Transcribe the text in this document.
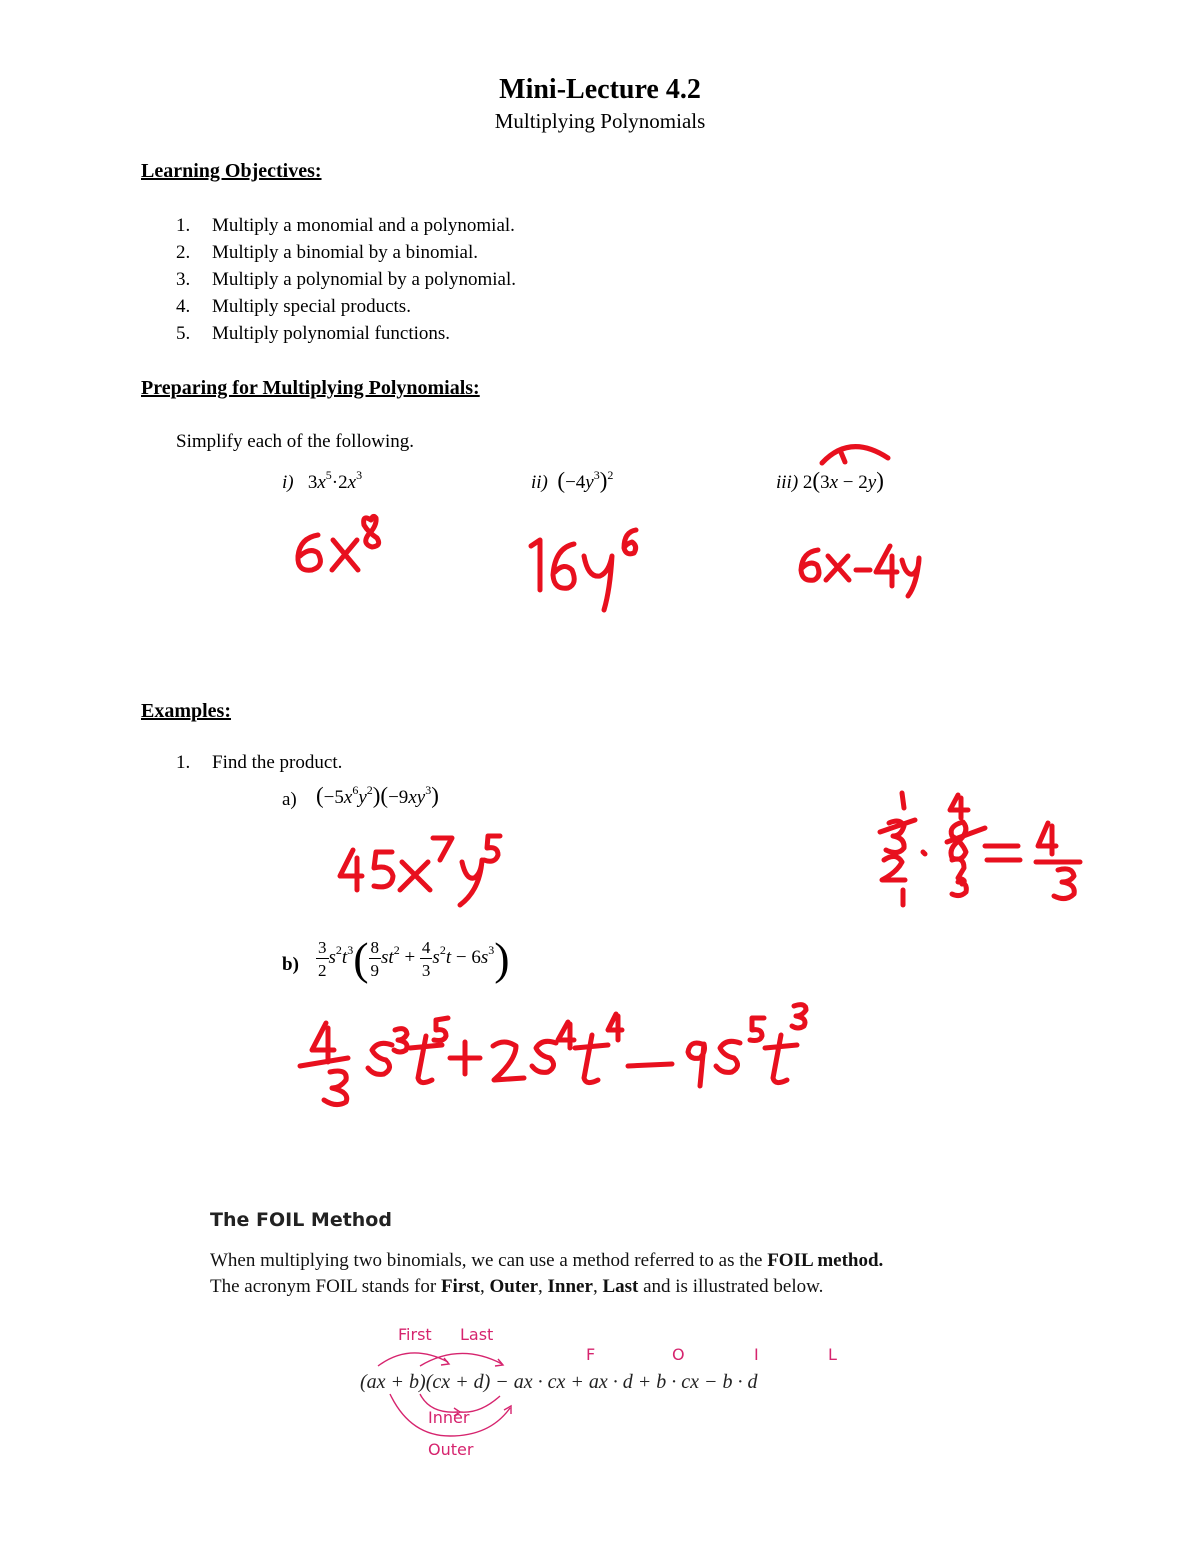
Mini-Lecture 4.2
Multiplying Polynomials
Learning Objectives:
1.	Multiply a monomial and a polynomial.
2.	Multiply a binomial by a binomial.
3.	Multiply a polynomial by a polynomial.
4.	Multiply special products.
5.	Multiply polynomial functions.
Preparing for Multiplying Polynomials:
Simplify each of the following.
i) $3x^5\cdot 2x^3$	ii) $(-4y^3)^2$	iii) 2(3x − 2y)
Examples:
1. Find the product.
a) $(-5x^6y^2)(-9xy^3)$
$b) \frac{3}{2} s^2t^3( \frac{8}{9} st^2 + \frac{4}{3} s^2t - 6s^3)$
The FOIL Method
When multiplying two binomials, we can use a method referred to as the FOIL method.
The acronym FOIL stands for First, Outer, Inner, Last and is illustrated below.
First Last
Inner
Outer
F	O	I	L
(ax + b)(cx + d) − ax · cx + ax · d + b · cx − b · d
